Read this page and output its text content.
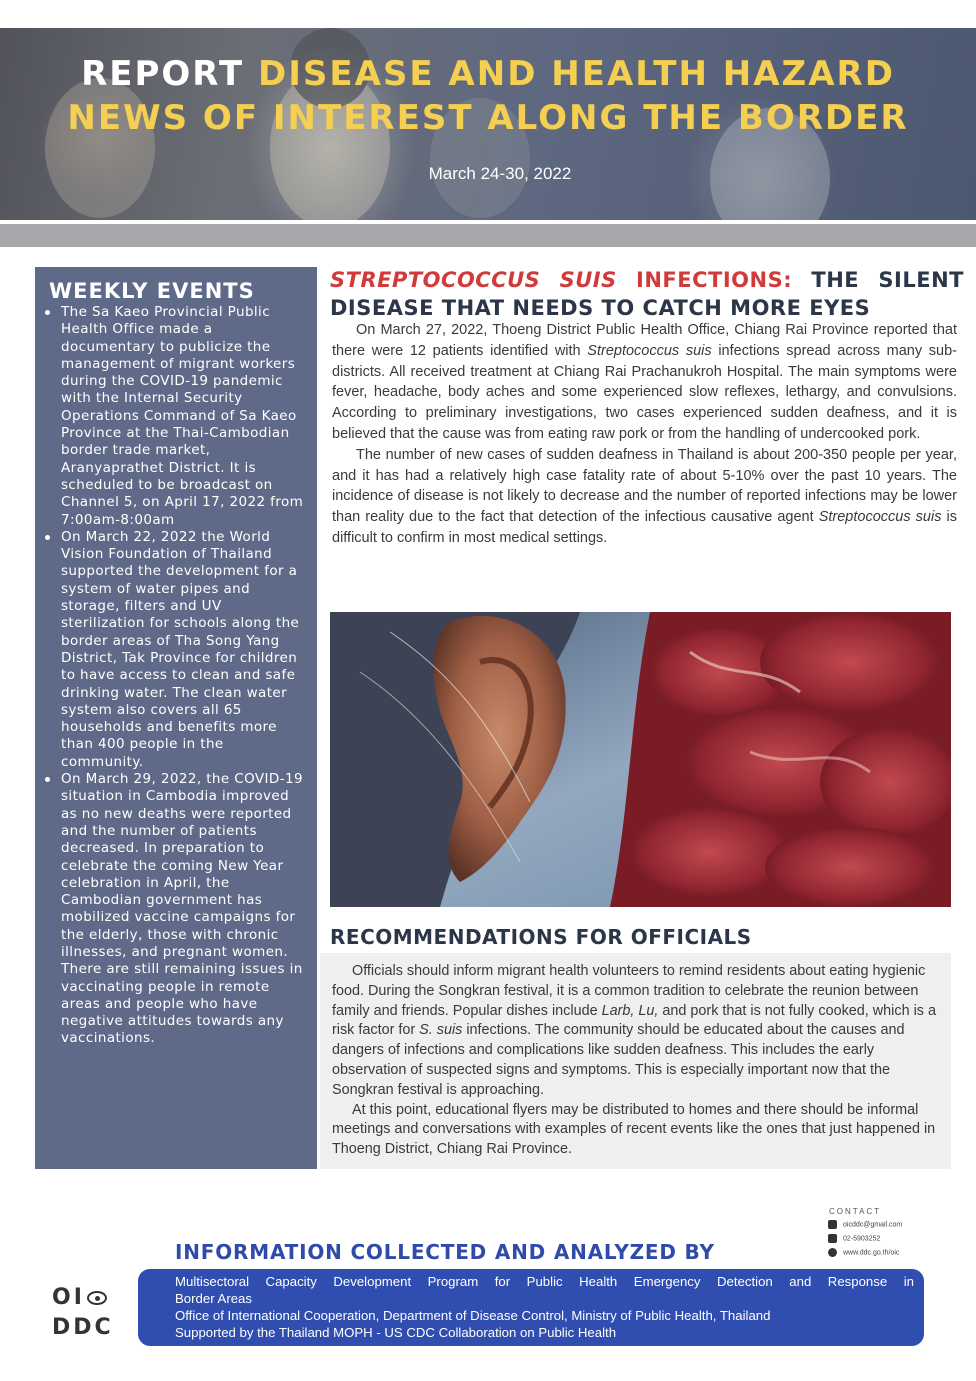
REPORT DISEASE AND HEALTH HAZARD
NEWS OF INTEREST ALONG THE BORDER
March 24-30, 2022
WEEKLY EVENTS
The Sa Kaeo Provincial Public Health Office made a documentary to publicize the management of migrant workers during the COVID-19 pandemic with the Internal Security Operations Command of Sa Kaeo Province at the Thai-Cambodian border trade market, Aranyaprathet District. It is scheduled to be broadcast on Channel 5, on April 17, 2022 from 7:00am-8:00am
On March 22, 2022 the World Vision Foundation of Thailand supported the development for a system of water pipes and storage, filters and UV sterilization for schools along the border areas of Tha Song Yang District, Tak Province for children to have access to clean and safe drinking water. The clean water system also covers all 65 households and benefits more than 400 people in the community.
On March 29, 2022, the COVID-19 situation in Cambodia improved as no new deaths were reported and the number of patients decreased. In preparation to celebrate the coming New Year celebration in April, the Cambodian government has mobilized vaccine campaigns for the elderly, those with chronic illnesses, and pregnant women. There are still remaining issues in vaccinating people in remote areas and people who have negative attitudes towards any vaccinations.
STREPTOCOCCUS SUIS INFECTIONS: THE SILENT
DISEASE THAT NEEDS TO CATCH MORE EYES

On March 27, 2022, Thoeng District Public Health Office, Chiang Rai Province reported that there were 12 patients identified with Streptococcus suis infections spread across many sub-districts. All received treatment at Chiang Rai Prachanukroh Hospital. The main symptoms were fever, headache, body aches and some experienced slow reflexes, lethargy, and convulsions. According to preliminary investigations, two cases experienced sudden deafness, and it is believed that the cause was from eating raw pork or from the handling of undercooked pork.

The number of new cases of sudden deafness in Thailand is about 200-350 people per year, and it has had a relatively high case fatality rate of about 5-10% over the past 10 years. The incidence of disease is not likely to decrease and the number of reported infections may be lower than reality due to the fact that detection of the infectious causative agent Streptococcus suis is difficult to confirm in most medical settings.

RECOMMENDATIONS FOR OFFICIALS

Officials should inform migrant health volunteers to remind residents about eating hygienic food. During the Songkran festival, it is a common tradition to celebrate the reunion between family and friends. Popular dishes include Larb, Lu, and pork that is not fully cooked, which is a risk factor for S. suis infections. The community should be educated about the causes and dangers of infections and complications like sudden deafness. This includes the early observation of suspected signs and symptoms. This is especially important now that the Songkran festival is approaching.

At this point, educational flyers may be distributed to homes and there should be informal meetings and conversations with examples of recent events like the ones that just happened in Thoeng District, Chiang Rai Province.

CONTACT
oicddc@gmail.com
02-5903252
www.ddc.go.th/oic
INFORMATION COLLECTED AND ANALYZED BY
Multisectoral Capacity Development Program for Public Health Emergency Detection and Response in
Border Areas
Office of International Cooperation, Department of Disease Control, Ministry of Public Health, Thailand
Supported by the Thailand MOPH - US CDC Collaboration on Public Health
OI
DDC
